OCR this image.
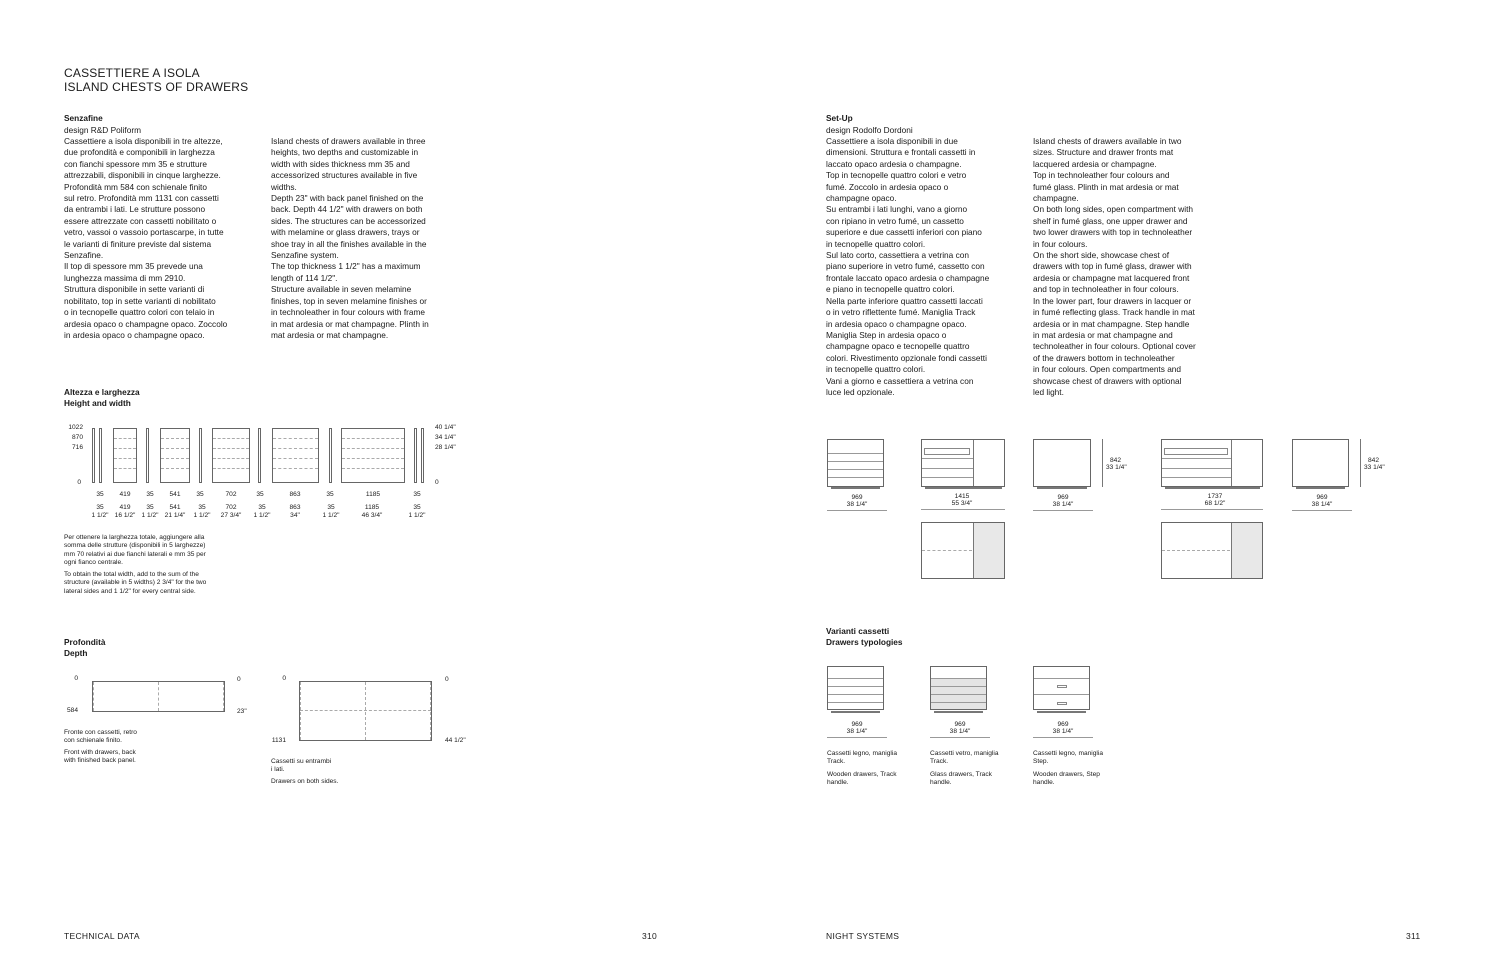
CASSETTIERE A ISOLA
ISLAND CHESTS OF DRAWERS
Senzafine
design R&D Poliform
Cassettiere a isola disponibili in tre altezze,
due profondità e componibili in larghezza
con fianchi spessore mm 35 e strutture
attrezzabili, disponibili in cinque larghezze.
Profondità mm 584 con schienale finito
sul retro. Profondità mm 1131 con cassetti
da entrambi i lati. Le strutture possono
essere attrezzate con cassetti nobilitato o
vetro, vassoi o vassoio portascarpe, in tutte
le varianti di finiture previste dal sistema
Senzafine.
Il top di spessore mm 35 prevede una
lunghezza massima di mm 2910.
Struttura disponibile in sette varianti di
nobilitato, top in sette varianti di nobilitato
o in tecnopelle quattro colori con telaio in
ardesia opaco o champagne opaco. Zoccolo
in ardesia opaco o champagne opaco.
Island chests of drawers available in three
heights, two depths and customizable in
width with sides thickness mm 35 and
accessorized structures available in five
widths.
Depth 23" with back panel finished on the
back. Depth 44 1/2" with drawers on both
sides. The structures can be accessorized
with melamine or glass drawers, trays or
shoe tray in all the finishes available in the
Senzafine system.
The top thickness 1 1/2" has a maximum
length of 114 1/2".
Structure available in seven melamine
finishes, top in seven melamine finishes or
in technoleather in four colours with frame
in mat ardesia or mat champagne. Plinth in
mat ardesia or mat champagne.
Altezza e larghezza
Height and width
1022
870
716
0
40 1/4"
34 1/4"
28 1/4"
0
35	419	35	541	35	702	35	863	35	1185	35
35	419	35	541	35	702	35	863	35	1185	35
1 1/2" 16 1/2" 1 1/2" 21 1/4"	1 1/2"	27 3/4"	1 1/2"	34"	1 1/2"	46 3/4"	1 1/2"
Per ottenere la larghezza totale, aggiungere alla
somma delle strutture (disponibili in 5 larghezze)
mm 70 relativi ai due fianchi laterali e mm 35 per
ogni fianco centrale.
To obtain the total width, add to the sum of the
structure (available in 5 widths) 2 3/4" for the two
lateral sides and 1 1/2" for every central side.
Profondità
Depth
0
584
0
23"
Fronte con cassetti, retro
con schienale finito.
Front with drawers, back
with finished back panel.
0
1131
0
44 1/2"
Cassetti su entrambi
i lati.
Drawers on both sides.
TECHNICAL DATA	310
Set-Up
design Rodolfo Dordoni
Cassettiere a isola disponibili in due
dimensioni. Struttura e frontali cassetti in
laccato opaco ardesia o champagne.
Top in tecnopelle quattro colori e vetro
fumé. Zoccolo in ardesia opaco o
champagne opaco.
Su entrambi i lati lunghi, vano a giorno
con ripiano in vetro fumé, un cassetto
superiore e due cassetti inferiori con piano
in tecnopelle quattro colori.
Sul lato corto, cassettiera a vetrina con
piano superiore in vetro fumé, cassetto con
frontale laccato opaco ardesia o champagne
e piano in tecnopelle quattro colori.
Nella parte inferiore quattro cassetti laccati
o in vetro riflettente fumé. Maniglia Track
in ardesia opaco o champagne opaco.
Maniglia Step in ardesia opaco o
champagne opaco e tecnopelle quattro
colori. Rivestimento opzionale fondi cassetti
in tecnopelle quattro colori.
Vani a giorno e cassettiera a vetrina con
luce led opzionale.
Island chests of drawers available in two
sizes. Structure and drawer fronts mat
lacquered ardesia or champagne.
Top in technoleather four colours and
fumé glass. Plinth in mat ardesia or mat
champagne.
On both long sides, open compartment with
shelf in fumé glass, one upper drawer and
two lower drawers with top in technoleather
in four colours.
On the short side, showcase chest of
drawers with top in fumé glass, drawer with
ardesia or champagne mat lacquered front
and top in technoleather in four colours.
In the lower part, four drawers in lacquer or
in fumé reflecting glass. Track handle in mat
ardesia or in mat champagne. Step handle
in mat ardesia or mat champagne and
technoleather in four colours. Optional cover
of the drawers bottom in technoleather
in four colours. Open compartments and
showcase chest of drawers with optional
led light.
969
38 1/4"
1415
55 3/4"
842
33 1/4"
969
38 1/4"
1737
68 1/2"
842
33 1/4"
969
38 1/4"
Varianti cassetti
Drawers typologies
969
38 1/4"
Cassetti legno, maniglia
Track.
Wooden drawers, Track
handle.
969
38 1/4"
Cassetti vetro, maniglia
Track.
Glass drawers, Track
handle.
969
38 1/4"
Cassetti legno, maniglia
Step.
Wooden drawers, Step
handle.
NIGHT SYSTEMS	311
